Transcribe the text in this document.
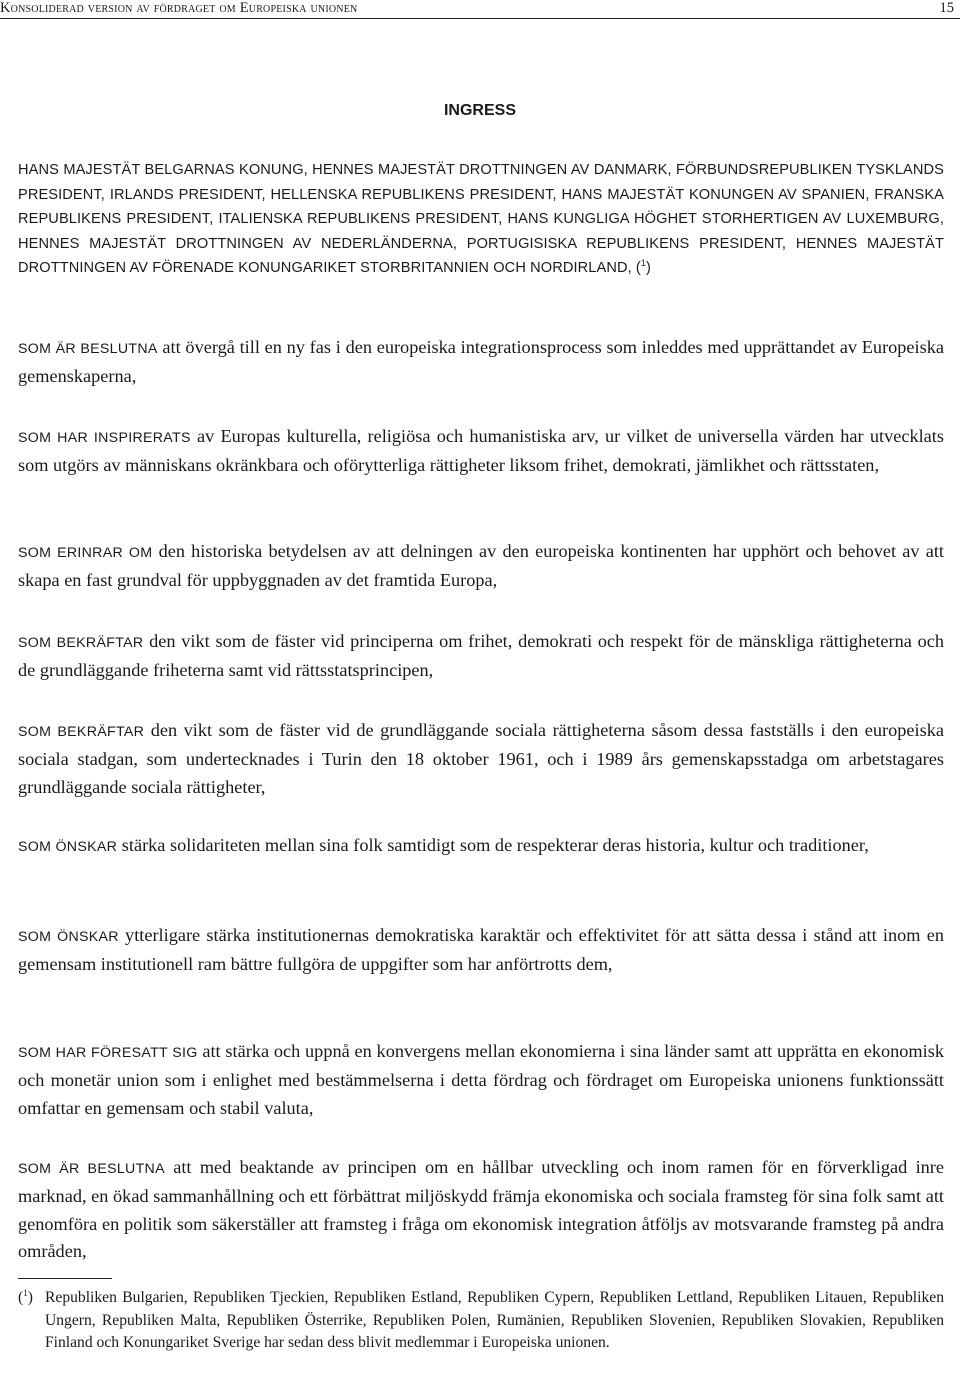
Konsoliderad version av fördraget om Europeiska unionen	15
INGRESS
HANS MAJESTÄT BELGARNAS KONUNG, HENNES MAJESTÄT DROTTNINGEN AV DANMARK, FÖRBUNDSREPUBLIKEN TYSKLANDS PRESIDENT, IRLANDS PRESIDENT, HELLENSKA REPUBLIKENS PRESIDENT, HANS MAJESTÄT KONUNGEN AV SPANIEN, FRANSKA REPUBLIKENS PRESIDENT, ITALIENSKA REPUBLIKENS PRESIDENT, HANS KUNGLIGA HÖGHET STORHERTIGEN AV LUXEMBURG, HENNES MAJESTÄT DROTTNINGEN AV NEDERLÄNDERNA, PORTUGISISKA REPUBLIKENS PRESIDENT, HENNES MAJESTÄT DROTTNINGEN AV FÖRENADE KONUNGARIKET STORBRITANNIEN OCH NORDIRLAND, ($^1$)
SOM ÄR BESLUTNA att övergå till en ny fas i den europeiska integrationsprocess som inleddes med upprättandet av Europeiska gemenskaperna,
SOM HAR INSPIRERATS av Europas kulturella, religiösa och humanistiska arv, ur vilket de universella värden har utvecklats som utgörs av människans okränkbara och oförytterliga rättigheter liksom frihet, demokrati, jämlikhet och rättsstaten,
SOM ERINRAR OM den historiska betydelsen av att delningen av den europeiska kontinenten har upphört och behovet av att skapa en fast grundval för uppbyggnaden av det framtida Europa,
SOM BEKRÄFTAR den vikt som de fäster vid principerna om frihet, demokrati och respekt för de mänskliga rättigheterna och de grundläggande friheterna samt vid rättsstatsprincipen,
SOM BEKRÄFTAR den vikt som de fäster vid de grundläggande sociala rättigheterna såsom dessa fastställs i den europeiska sociala stadgan, som undertecknades i Turin den 18 oktober 1961, och i 1989 års gemenskapsstadga om arbetstagares grundläggande sociala rättigheter,
SOM ÖNSKAR stärka solidariteten mellan sina folk samtidigt som de respekterar deras historia, kultur och traditioner,
SOM ÖNSKAR ytterligare stärka institutionernas demokratiska karaktär och effektivitet för att sätta dessa i stånd att inom en gemensam institutionell ram bättre fullgöra de uppgifter som har anförtrotts dem,
SOM HAR FÖRESATT SIG att stärka och uppnå en konvergens mellan ekonomierna i sina länder samt att upprätta en ekonomisk och monetär union som i enlighet med bestämmelserna i detta fördrag och fördraget om Europeiska unionens funktionssätt omfattar en gemensam och stabil valuta,
SOM ÄR BESLUTNA att med beaktande av principen om en hållbar utveckling och inom ramen för en förverkligad inre marknad, en ökad sammanhållning och ett förbättrat miljöskydd främja ekonomiska och sociala framsteg för sina folk samt att genomföra en politik som säkerställer att framsteg i fråga om ekonomisk integration åtföljs av motsvarande framsteg på andra områden,
($^1$) Republiken Bulgarien, Republiken Tjeckien, Republiken Estland, Republiken Cypern, Republiken Lettland, Republiken Litauen, Republiken Ungern, Republiken Malta, Republiken Österrike, Republiken Polen, Rumänien, Republiken Slovenien, Republiken Slovakien, Republiken Finland och Konungariket Sverige har sedan dess blivit medlemmar i Europeiska unionen.
